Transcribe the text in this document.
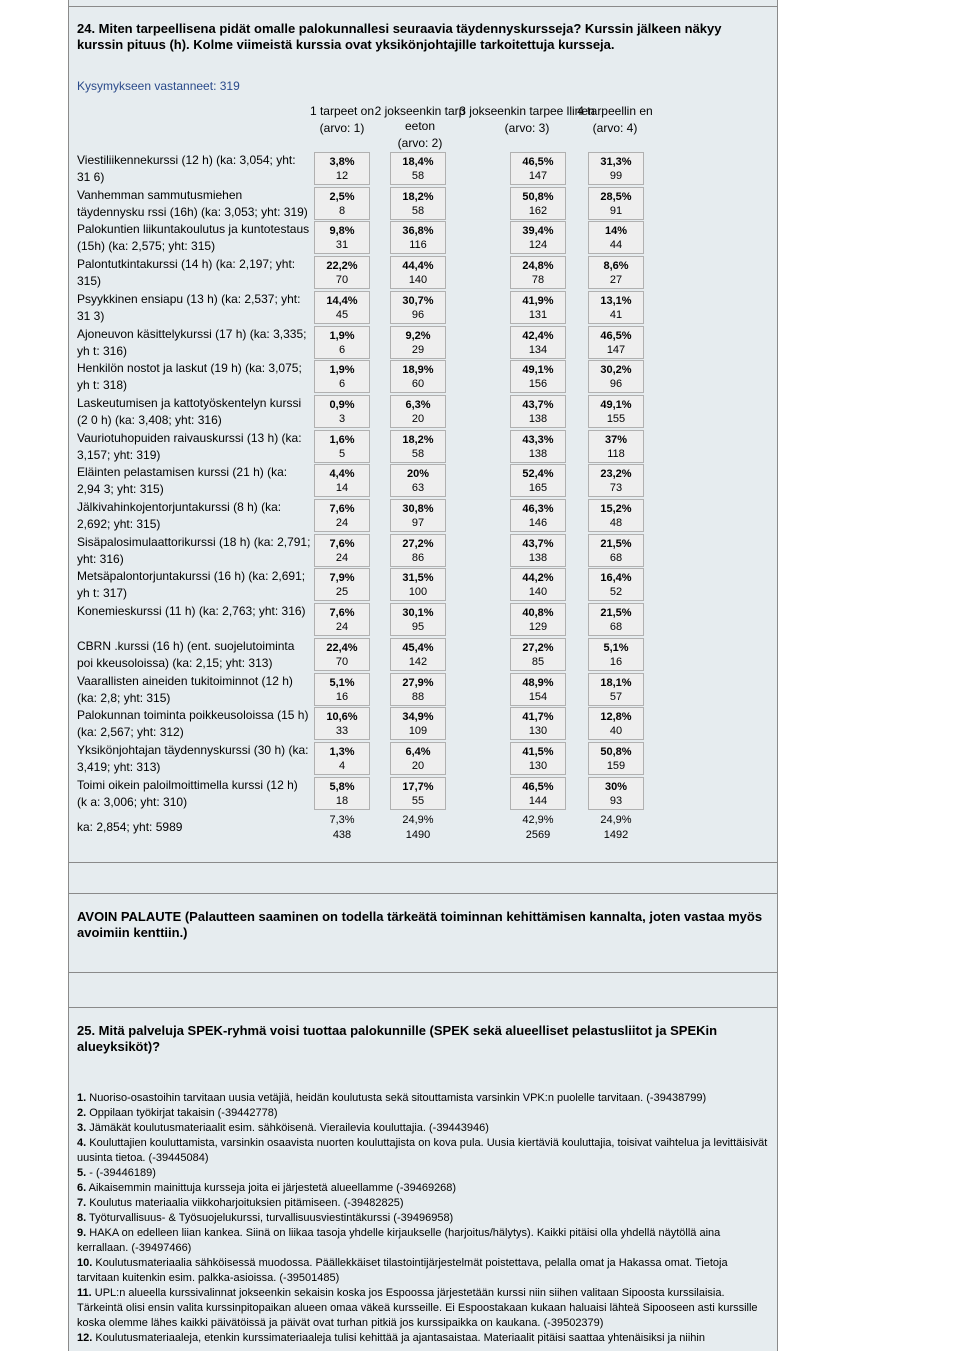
24. Miten tarpeellisena pidät omalle palokunnallesi seuraavia täydennyskursseja? Kurssin jälkeen näkyy kurssin pituus (h). Kolme viimeistä kurssia ovat yksikönjohtajille tarkoitettuja kursseja.
Kysymykseen vastanneet: 319
1 tarpeet on
(arvo: 1)
2 jokseenkin tarp eeton
(arvo: 2)
3 jokseenkin tarpee llinen
(arvo: 3)
4 tarpeellin en
(arvo: 4)
Viestiliikennekurssi (12 h) (ka: 3,054; yht: 31 6)
3,8%
12
18,4%
58
46,5%
147
31,3%
99
Vanhemman sammutusmiehen täydennysku rssi (16h) (ka: 3,053; yht: 319)
2,5%
8
18,2%
58
50,8%
162
28,5%
91
Palokuntien liikuntakoulutus ja kuntotestaus (15h) (ka: 2,575; yht: 315)
9,8%
31
36,8%
116
39,4%
124
14%
44
Palontutkintakurssi (14 h) (ka: 2,197; yht: 315)
22,2%
70
44,4%
140
24,8%
78
8,6%
27
Psyykkinen ensiapu (13 h) (ka: 2,537; yht: 31 3)
14,4%
45
30,7%
96
41,9%
131
13,1%
41
Ajoneuvon käsittelykurssi (17 h) (ka: 3,335; yh t: 316)
1,9%
6
9,2%
29
42,4%
134
46,5%
147
Henkilön nostot ja laskut (19 h) (ka: 3,075; yh t: 318)
1,9%
6
18,9%
60
49,1%
156
30,2%
96
Laskeutumisen ja kattotyöskentelyn kurssi (2 0 h) (ka: 3,408; yht: 316)
0,9%
3
6,3%
20
43,7%
138
49,1%
155
Vauriotuhopuiden raivauskurssi (13 h) (ka: 3,157; yht: 319)
1,6%
5
18,2%
58
43,3%
138
37%
118
Eläinten pelastamisen kurssi (21 h) (ka: 2,94 3; yht: 315)
4,4%
14
20%
63
52,4%
165
23,2%
73
Jälkivahinkojentorjuntakurssi (8 h) (ka: 2,692; yht: 315)
7,6%
24
30,8%
97
46,3%
146
15,2%
48
Sisäpalosimulaattorikurssi (18 h) (ka: 2,791; yht: 316)
7,6%
24
27,2%
86
43,7%
138
21,5%
68
Metsäpalontorjuntakurssi (16 h) (ka: 2,691; yh t: 317)
7,9%
25
31,5%
100
44,2%
140
16,4%
52
Konemieskurssi (11 h) (ka: 2,763; yht: 316)	7,6%
24
30,1%
95
40,8%
129
21,5%
68
CBRN .kurssi (16 h) (ent. suojelutoiminta poi kkeusoloissa) (ka: 2,15; yht: 313)
22,4%
70
45,4%
142
27,2%
85
5,1%
16
Vaarallisten aineiden tukitoiminnot (12 h) (ka: 2,8; yht: 315)
5,1%
16
27,9%
88
48,9%
154
18,1%
57
Palokunnan toiminta poikkeusoloissa (15 h) (ka: 2,567; yht: 312)
10,6%
33
34,9%
109
41,7%
130
12,8%
40
Yksikönjohtajan täydennyskurssi (30 h) (ka: 3,419; yht: 313)
1,3%
4
6,4%
20
41,5%
130
50,8%
159
Toimi oikein paloilmoittimella kurssi (12 h) (k a: 3,006; yht: 310)
5,8%
18
17,7%
55
46,5%
144
30%
93
ka: 2,854; yht: 5989	7,3%
438
24,9%
1490
42,9%
2569
24,9%
1492
AVOIN PALAUTE (Palautteen saaminen on todella tärkeätä toiminnan kehittämisen kannalta, joten vastaa myös avoimiin kenttiin.)
25. Mitä palveluja SPEK-ryhmä voisi tuottaa palokunnille (SPEK sekä alueelliset pelastusliitot ja SPEKin alueyksiköt)?
1. Nuoriso-osastoihin tarvitaan uusia vetäjiä, heidän koulutusta sekä sitouttamista varsinkin VPK:n puolelle tarvitaan. (-39438799)
2. Oppilaan työkirjat takaisin (-39442778)
3. Jämäkät koulutusmateriaalit esim. sähköisenä. Vierailevia kouluttajia. (-39443946)
4. Kouluttajien kouluttamista, varsinkin osaavista nuorten kouluttajista on kova pula. Uusia kiertäviä kouluttajia, toisivat vaihtelua ja levittäisivät uusinta tietoa. (-39445084)
5. - (-39446189)
6. Aikaisemmin mainittuja kursseja joita ei järjestetä alueellamme (-39469268)
7. Koulutus materiaalia viikkoharjoituksien pitämiseen. (-39482825)
8. Työturvallisuus- & Työsuojelukurssi, turvallisuusviestintäkurssi (-39496958)
9. HAKA on edelleen liian kankea. Siinä on liikaa tasoja yhdelle kirjaukselle (harjoitus/hälytys). Kaikki pitäisi olla yhdellä näytöllä aina kerrallaan. (-39497466)
10. Koulutusmateriaalia sähköisessä muodossa. Päällekkäiset tilastointijärjestelmät poistettava, pelalla omat ja Hakassa omat. Tietoja tarvitaan kuitenkin esim. palkka-asioissa. (-39501485)
11. UPL:n alueella kurssivalinnat jokseenkin sekaisin koska jos Espoossa järjestetään kurssi niin siihen valitaan Sipoosta kurssilaisia. Tärkeintä olisi ensin valita kurssinpitopaikan alueen omaa väkeä kursseille. Ei Espoostakaan kukaan haluaisi lähteä Sipooseen asti kurssille koska olemme lähes kaikki päivätöissä ja päivät ovat turhan pitkiä jos kurssipaikka on kaukana. (-39502379)
12. Koulutusmateriaaleja, etenkin kurssimateriaaleja tulisi kehittää ja ajantasaistaa. Materiaalit pitäisi saattaa yhtenäisiksi ja niihin
